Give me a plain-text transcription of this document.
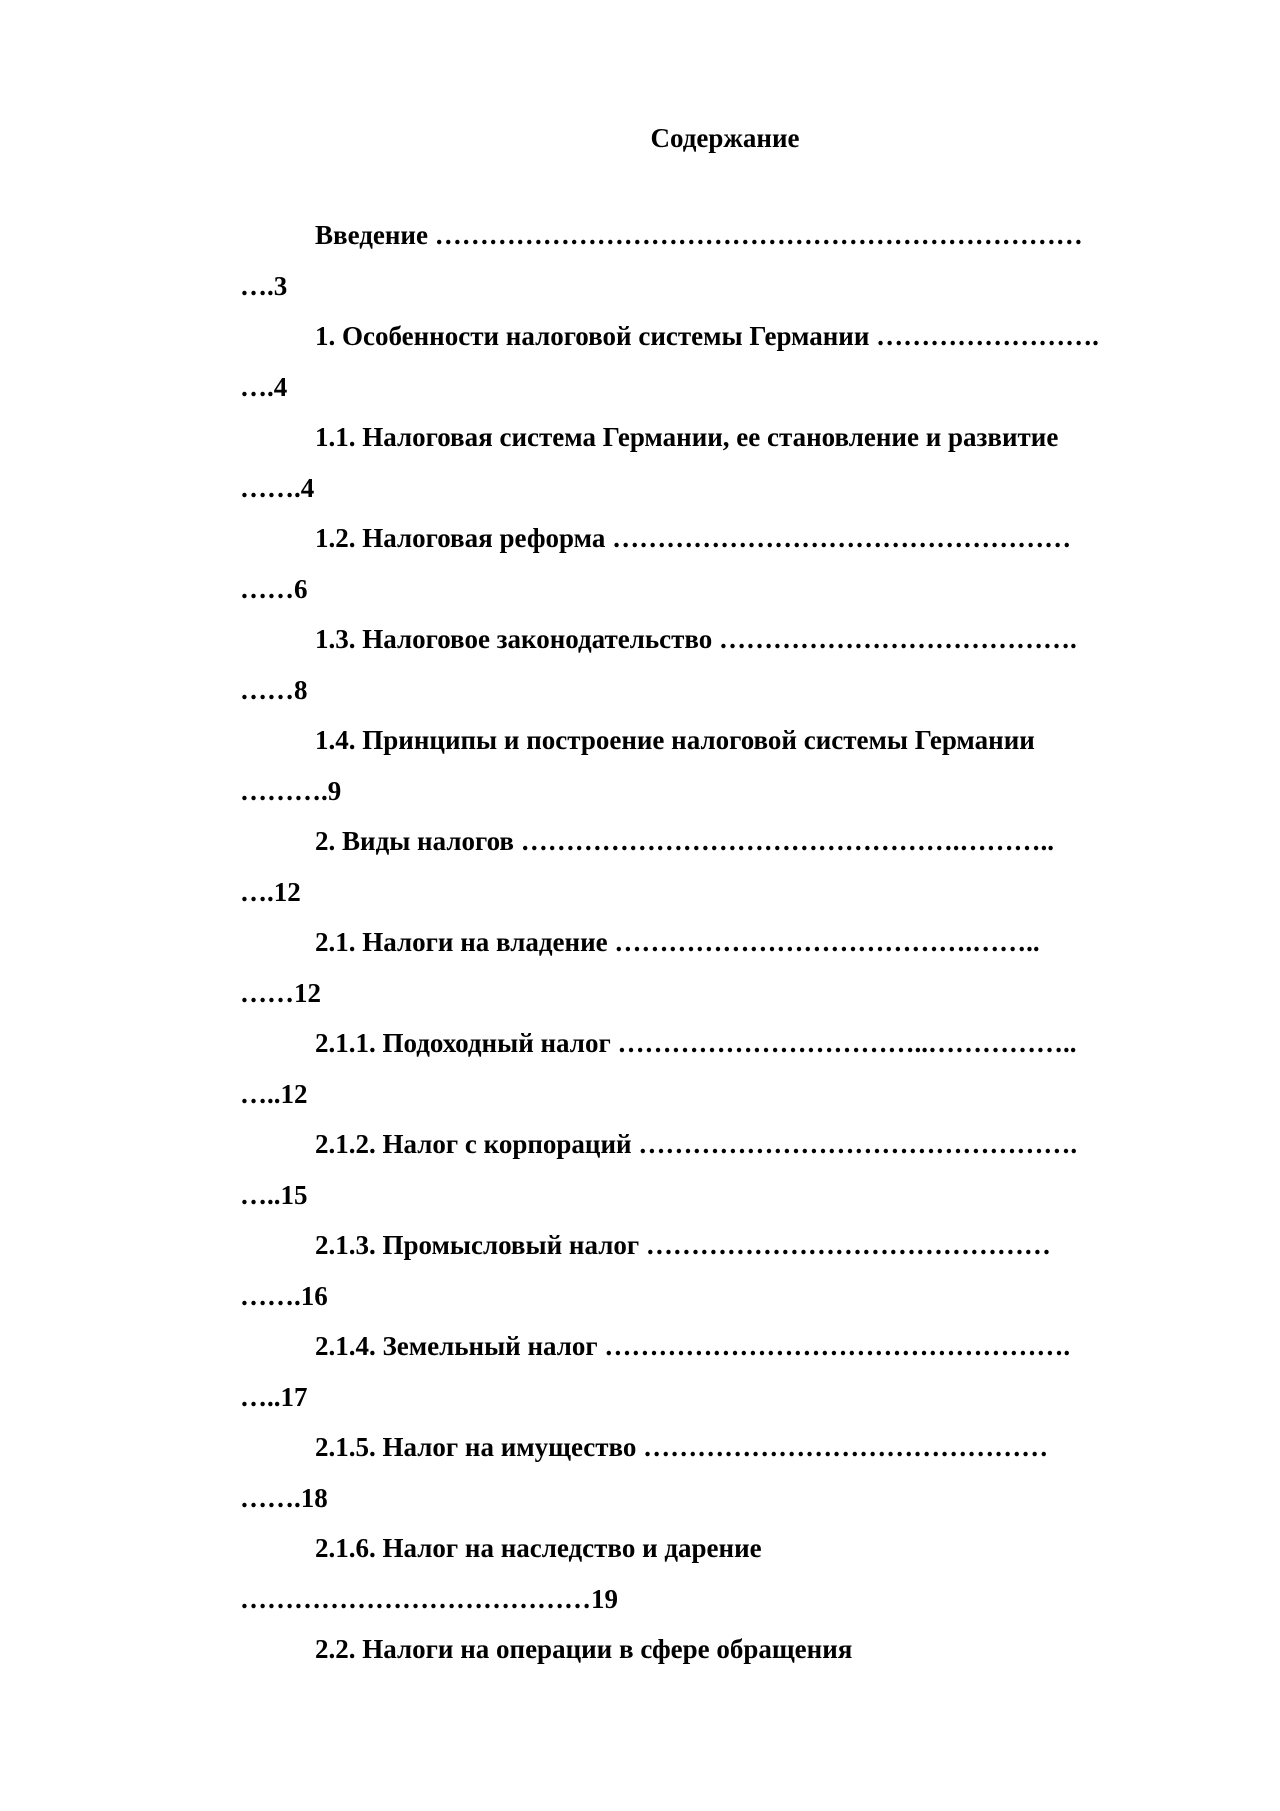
Содержание

Введение ………………………………………………………………
….3

1. Особенности налоговой системы Германии …………………….
….4

1.1. Налоговая система Германии, ее становление и развитие
…….4

1.2. Налоговая реформа ……………………………………………
……6

1.3. Налоговое законодательство ………………………………….
……8

1.4. Принципы и построение налоговой системы Германии
……….9

2. Виды налогов ………………………………………….………..
….12

2.1. Налоги на владение ………………………………….……..
……12

2.1.1. Подоходный налог ……………………………..……………..
…..12

2.1.2. Налог с корпораций ………………………………………….
…..15

2.1.3. Промысловый налог ………………………………………
…….16

2.1.4. Земельный налог …………………………………………….
…..17

2.1.5. Налог на имущество ………………………………………
…….18

2.1.6. Налог на наследство и дарение
…………………………………19

2.2. Налоги на операции в сфере обращения
